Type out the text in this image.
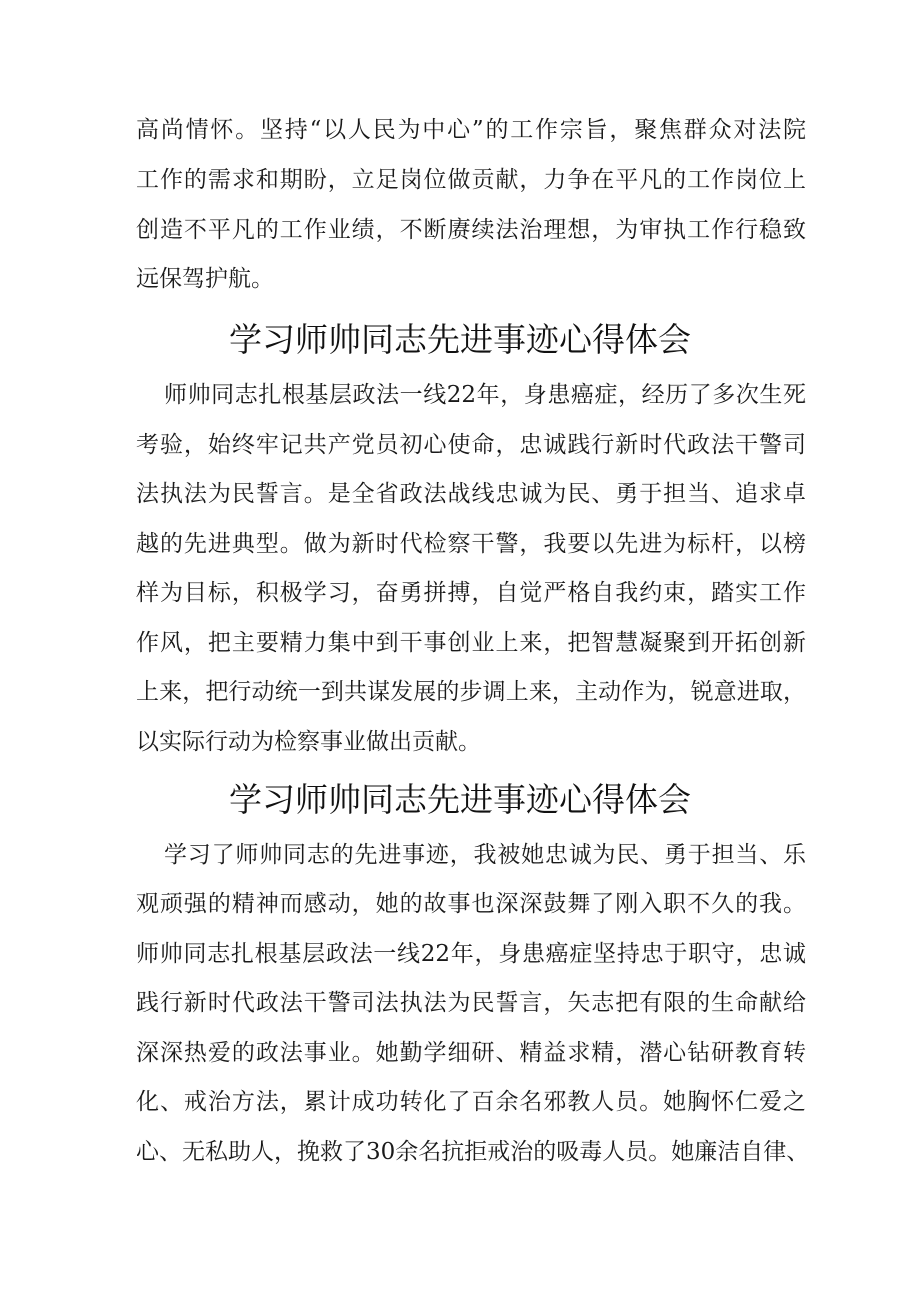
高尚情怀。坚持“以人民为中心”的工作宗旨，聚焦群众对法院
工作的需求和期盼，立足岗位做贡献，力争在平凡的工作岗位上
创造不平凡的工作业绩，不断赓续法治理想，为审执工作行稳致
远保驾护航。
学习师帅同志先进事迹心得体会
师帅同志扎根基层政法一线22年，身患癌症，经历了多次生死
考验，始终牢记共产党员初心使命，忠诚践行新时代政法干警司
法执法为民誓言。是全省政法战线忠诚为民、勇于担当、追求卓
越的先进典型。做为新时代检察干警，我要以先进为标杆，以榜
样为目标，积极学习，奋勇拼搏，自觉严格自我约束，踏实工作
作风，把主要精力集中到干事创业上来，把智慧凝聚到开拓创新
上来，把行动统一到共谋发展的步调上来，主动作为，锐意进取，
以实际行动为检察事业做出贡献。
学习师帅同志先进事迹心得体会
学习了师帅同志的先进事迹，我被她忠诚为民、勇于担当、乐
观顽强的精神而感动，她的故事也深深鼓舞了刚入职不久的我。
师帅同志扎根基层政法一线22年，身患癌症坚持忠于职守，忠诚
践行新时代政法干警司法执法为民誓言，矢志把有限的生命献给
深深热爱的政法事业。她勤学细研、精益求精，潜心钻研教育转
化、戒治方法，累计成功转化了百余名邪教人员。她胸怀仁爱之
心、无私助人，挽救了30余名抗拒戒治的吸毒人员。她廉洁自律、
